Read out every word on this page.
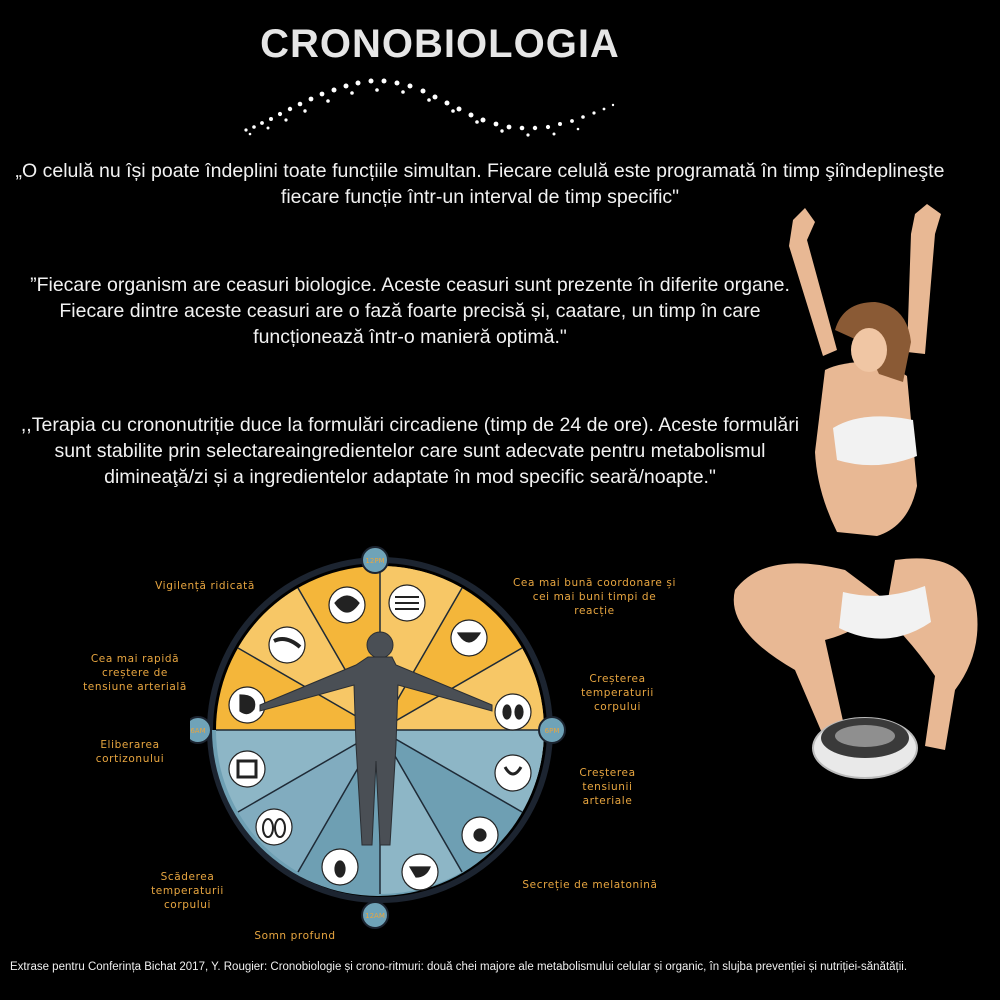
CRONOBIOLOGIA
„O celulă nu își poate îndeplini toate funcțiile simultan. Fiecare celulă este programată în timp şiîndeplineşte fiecare funcție într-un interval de timp specific"
”Fiecare organism are ceasuri biologice. Aceste ceasuri sunt prezente în diferite organe. Fiecare dintre aceste ceasuri are o fază foarte precisă și, caatare, un timp în care funcționează într-o manieră optimă."
,,Terapia cu crononutriție duce la formulări circadiene (timp de 24 de ore). Aceste formulări sunt stabilite prin selectareaingredientelor care sunt adecvate pentru metabolismul dimineaţă/zi și a ingredientelor adaptate în mod specific seară/noapte."
12PM
6AM	6PM
12AM
Vigilență ridicată	Cea mai bună coordonare și cei mai buni timpi de reacție
Cea mai rapidă creștere de tensiune arterială
Creșterea temperaturii corpului
Eliberarea cortizonului
Creșterea tensiunii arteriale
Scăderea temperaturii corpului
Secreție de melatonină
Somn profund
Extrase pentru Conferința Bichat 2017, Y. Rougier: Cronobiologie și crono-ritmuri: două chei majore ale metabolismului celular și organic, în slujba prevenției și nutriției-sănătății.
